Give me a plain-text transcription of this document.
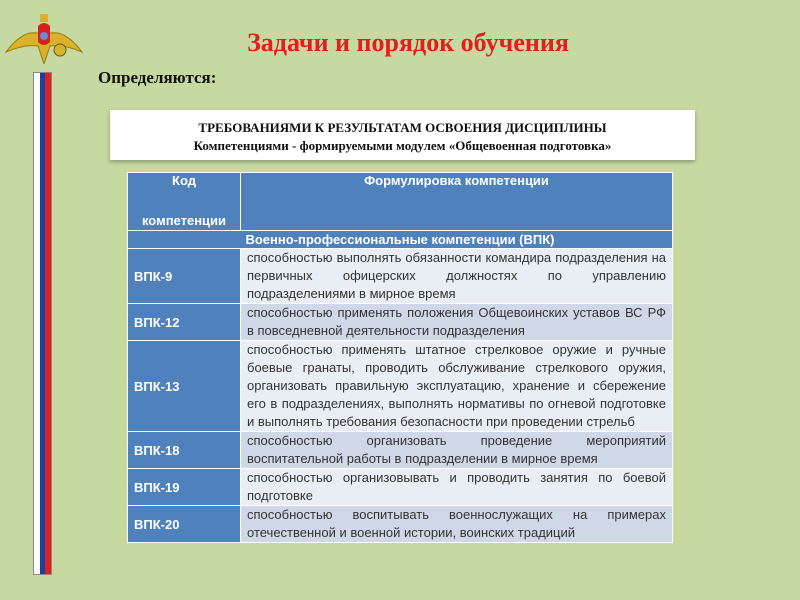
Задачи и порядок обучения
Определяются:
ТРЕБОВАНИЯМИ К РЕЗУЛЬТАТАМ ОСВОЕНИЯ ДИСЦИПЛИНЫ
Компетенциями - формируемыми модулем «Общевоенная подготовка»
Код
компетенции	Формулировка компетенции
Военно-профессиональные компетенции (ВПК)	
ВПК-9	способностью выполнять обязанности командира подразделения на первичных офицерских должностях по управлению подразделениями в мирное время
ВПК-12	способностью применять положения Общевоинских уставов ВС РФ в повседневной деятельности подразделения
ВПК-13	способностью применять штатное стрелковое оружие и ручные боевые гранаты, проводить обслуживание стрелкового оружия, организовать правильную эксплуатацию, хранение и сбережение его в подразделениях, выполнять нормативы по огневой подготовке и выполнять требования безопасности при проведении стрельб
ВПК-18	способностью организовать проведение мероприятий воспитательной работы в подразделении в мирное время
ВПК-19	способностью организовывать и проводить занятия по боевой подготовке
ВПК-20	способностью воспитывать военнослужащих на примерах отечественной и военной истории, воинских традиций
